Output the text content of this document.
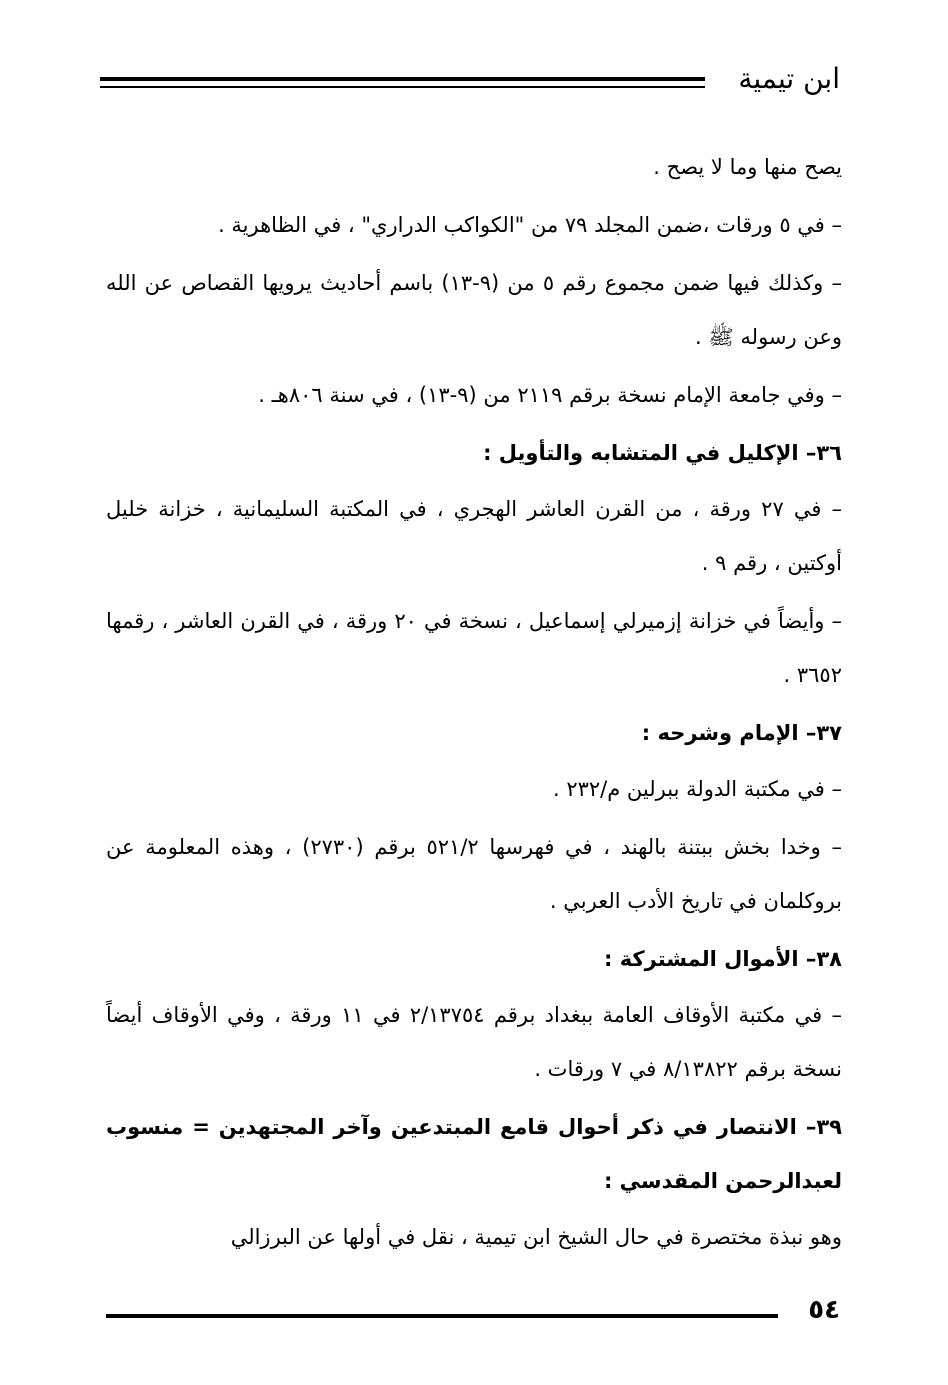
ابن تيمية

يصح منها وما لا يصح .

– في ٥ ورقات ،ضمن المجلد ٧٩ من "الكواكب الدراري" ، في الظاهرية .

– وكذلك فيها ضمن مجموع رقم ٥ من (٩-١٣) باسم أحاديث يرويها القصاص عن الله وعن رسوله ﷺ .

– وفي جامعة الإمام نسخة برقم ٢١١٩ من (٩-١٣) ، في سنة ٨٠٦هـ .

٣٦– الإكليل في المتشابه والتأويل :

– في ٢٧ ورقة ، من القرن العاشر الهجري ، في المكتبة السليمانية ، خزانة خليل أوكتين ، رقم ٩ .

– وأيضاً في خزانة إزميرلي إسماعيل ، نسخة في ٢٠ ورقة ، في القرن العاشر ، رقمها ٣٦٥٢ .

٣٧– الإمام وشرحه :

– في مكتبة الدولة ببرلين م/٢٣٢ .

– وخدا بخش ببتنة بالهند ، في فهرسها ٥٢١/٢ برقم (٢٧٣٠) ، وهذه المعلومة عن بروكلمان في تاريخ الأدب العربي .

٣٨– الأموال المشتركة :

– في مكتبة الأوقاف العامة ببغداد برقم ٢/١٣٧٥٤ في ١١ ورقة ، وفي الأوقاف أيضاً نسخة برقم ٨/١٣٨٢٢ في ٧ ورقات .

٣٩– الانتصار في ذكر أحوال قامع المبتدعين وآخر المجتهدين = منسوب لعبدالرحمن المقدسي :

وهو نبذة مختصرة في حال الشيخ ابن تيمية ، نقل في أولها عن البرزالي

٥٤
